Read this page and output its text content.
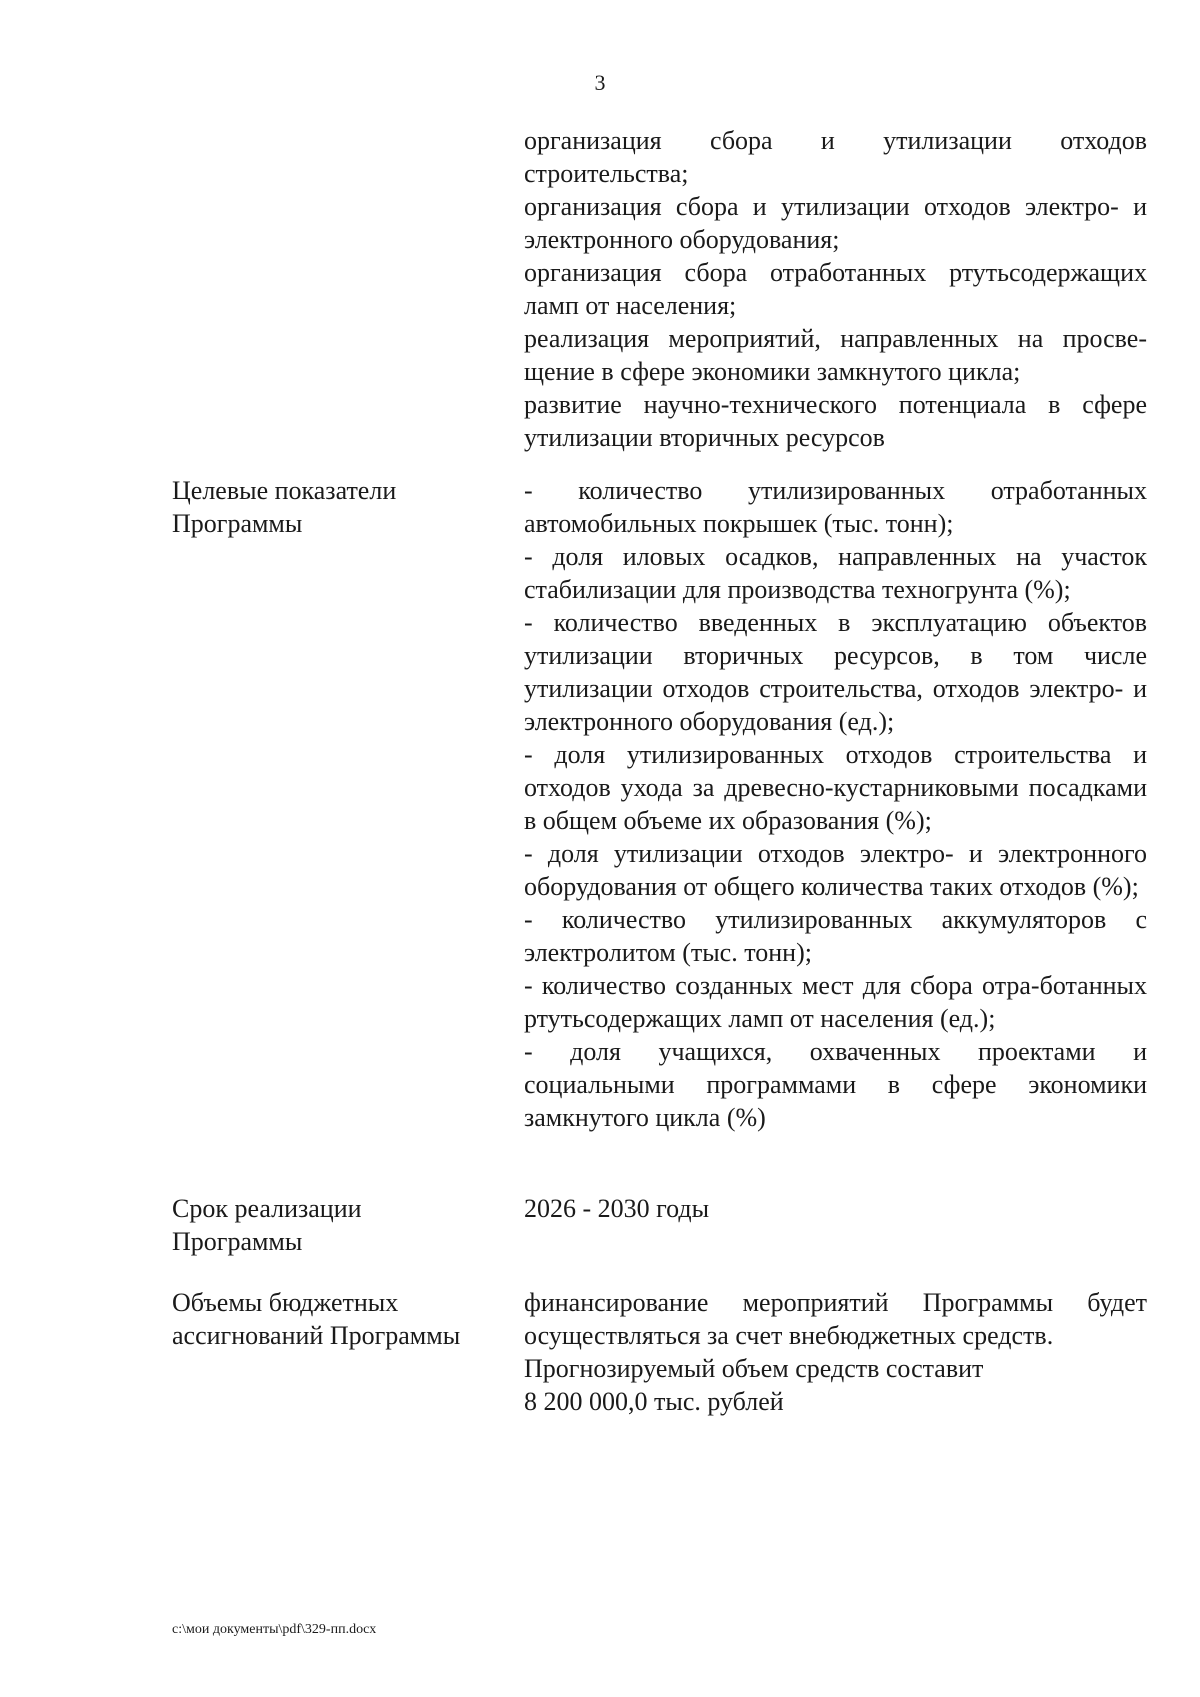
3

организация сбора и утилизации отходов строительства;

организация сбора и утилизации отходов электро- и электронного оборудования;

организация сбора отработанных ртутьсодержащих ламп от населения;

реализация мероприятий, направленных на просве-щение в сфере экономики замкнутого цикла;

развитие научно-технического потенциала в сфере утилизации вторичных ресурсов

Целевые показатели
Программы

- количество утилизированных отработанных автомобильных покрышек (тыс. тонн);

- доля иловых осадков, направленных на участок стабилизации для производства техногрунта (%);

- количество введенных в эксплуатацию объектов утилизации вторичных ресурсов, в том числе утилизации отходов строительства, отходов электро- и электронного оборудования (ед.);

- доля утилизированных отходов строительства и отходов ухода за древесно-кустарниковыми посадками в общем объеме их образования (%);

- доля утилизации отходов электро- и электронного оборудования от общего количества таких отходов (%);

- количество утилизированных аккумуляторов с электролитом (тыс. тонн);

- количество созданных мест для сбора отра-ботанных ртутьсодержащих ламп от населения (ед.);

- доля учащихся, охваченных проектами и социальными программами в сфере экономики замкнутого цикла (%)

Срок реализации
Программы

2026 - 2030 годы

Объемы бюджетных
ассигнований Программы

финансирование мероприятий Программы будет осуществляться за счет внебюджетных средств.

Прогнозируемый объем средств составит

8 200 000,0 тыс. рублей

c:\мои документы\pdf\329-пп.docx
